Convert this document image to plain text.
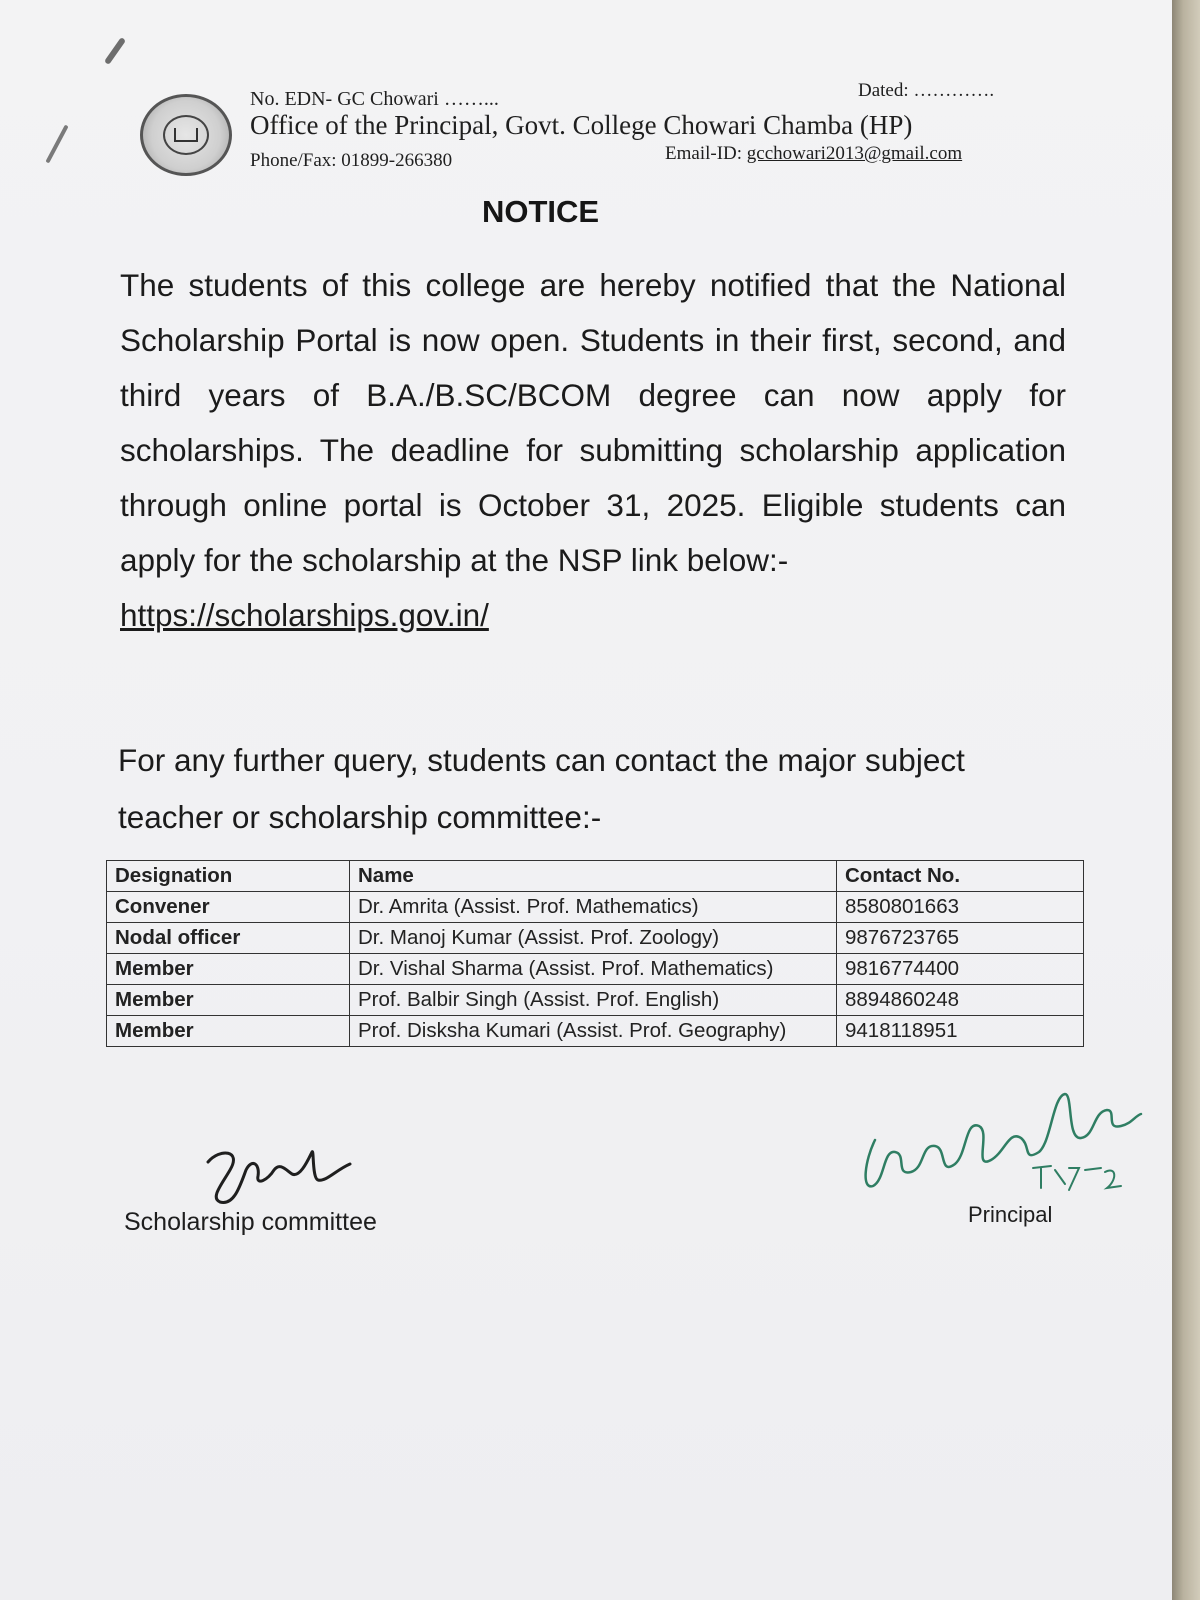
No. EDN- GC Chowari ……...	Dated: ………….
Office of the Principal, Govt. College Chowari Chamba (HP)
Phone/Fax: 01899-266380	Email-ID: gcchowari2013@gmail.com
NOTICE

The students of this college are hereby notified that the National Scholarship Portal is now open. Students in their first, second, and third years of B.A./B.SC/BCOM degree can now apply for scholarships. The deadline for submitting scholarship application through online portal is October 31, 2025. Eligible students can apply for the scholarship at the NSP link below:-
https://scholarships.gov.in/

For any further query, students can contact the major subject teacher or scholarship committee:-

Designation	Name	Contact No.
Convener	Dr. Amrita (Assist. Prof. Mathematics)	8580801663
Nodal officer	Dr. Manoj Kumar (Assist. Prof. Zoology)	9876723765
Member	Dr. Vishal Sharma (Assist. Prof. Mathematics)	9816774400
Member	Prof. Balbir Singh (Assist. Prof. English)	8894860248
Member	Prof. Disksha Kumari (Assist. Prof. Geography)	9418118951
Scholarship committee	Principal
